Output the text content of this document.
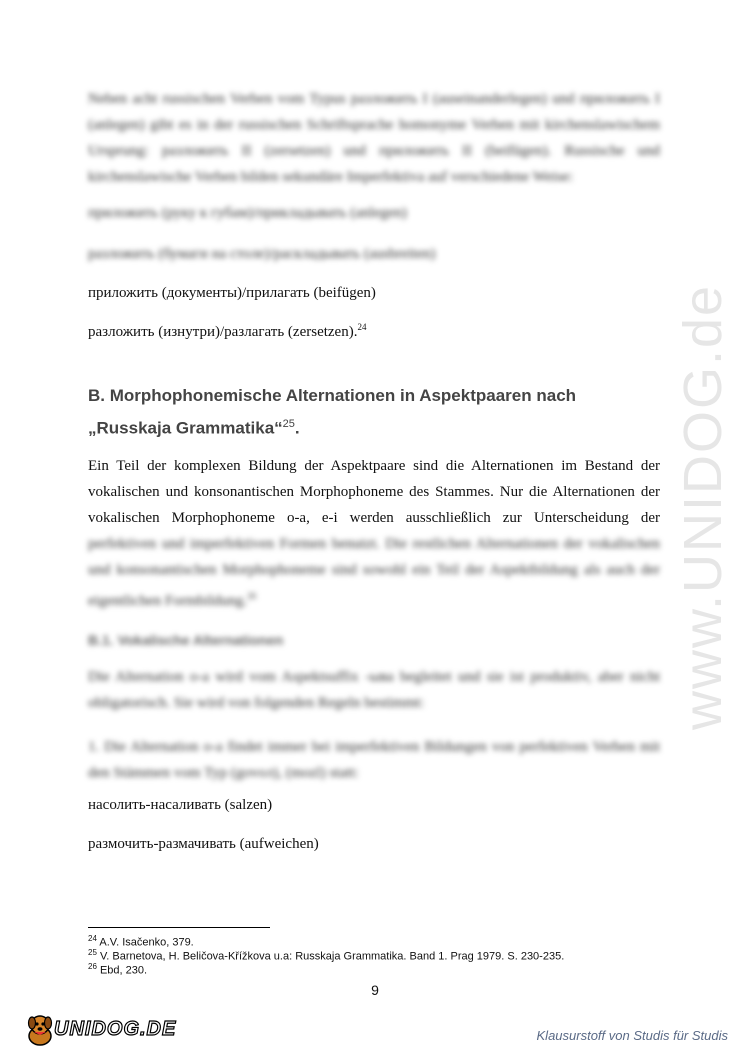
www.UNIDOG.de
Neben acht russischen Verben vom Typus разложить I (auseinanderlegen) und приложить I
(anlegen) gibt es in der russischen Schriftsprache homonyme Verben mit kirchenslawischem
Ursprung: разложить II (zersetzen) und приложить II (beifügen). Russische und
kirchenslawische Verben bilden sekundäre Imperfektiva auf verschiedene Weise:
приложить (руку к губам)/прикладывать (anlegen)
разложить (бумаги на столе)/раскладывать (ausbreiten)
приложить (документы)/прилагать (beifügen)
разложить (изнутри)/разлагать (zersetzen).$^{24}$
B. Morphophonemische Alternationen in Aspektpaaren nach
„Russkaja Grammatika“$^{25}$.
Ein Teil der komplexen Bildung der Aspektpaare sind die Alternationen im Bestand der
vokalischen und konsonantischen Morphophoneme des Stammes. Nur die Alternationen der
vokalischen Morphophoneme o-a, e-i werden ausschließlich zur Unterscheidung der
perfektiven und imperfektiven Formen benutzt. Die restlichen Alternationen der vokalischen
und konsonantischen Morphophoneme sind sowohl ein Teil der Aspektbildung als auch der
eigentlichen Formbildung.$^{26}$
B.1. Vokalische Alternationen
Die Alternation o-a wird vom Aspektsuffix -ыва begleitet und sie ist produktiv, aber nicht
obligatorisch. Sie wird von folgenden Regeln bestimmt:
1. Die Alternation o-a findet immer bei imperfektiven Bildungen von perfektiven Verben mit
den Stämmen vom Typ (govoл), (mozl) statt:
насолить-насаливать (salzen)
размочить-размачивать (aufweichen)
$^{24}$ A.V. Isačenko, 379.
$^{25}$ V. Barnetova, H. Beličova-Křížkova u.a: Russkaja Grammatika. Band 1. Prag 1979. S. 230-235.
$^{26}$ Ebd, 230.
9
UNIDOG.DE	Klausurstoff von Studis für Studis
